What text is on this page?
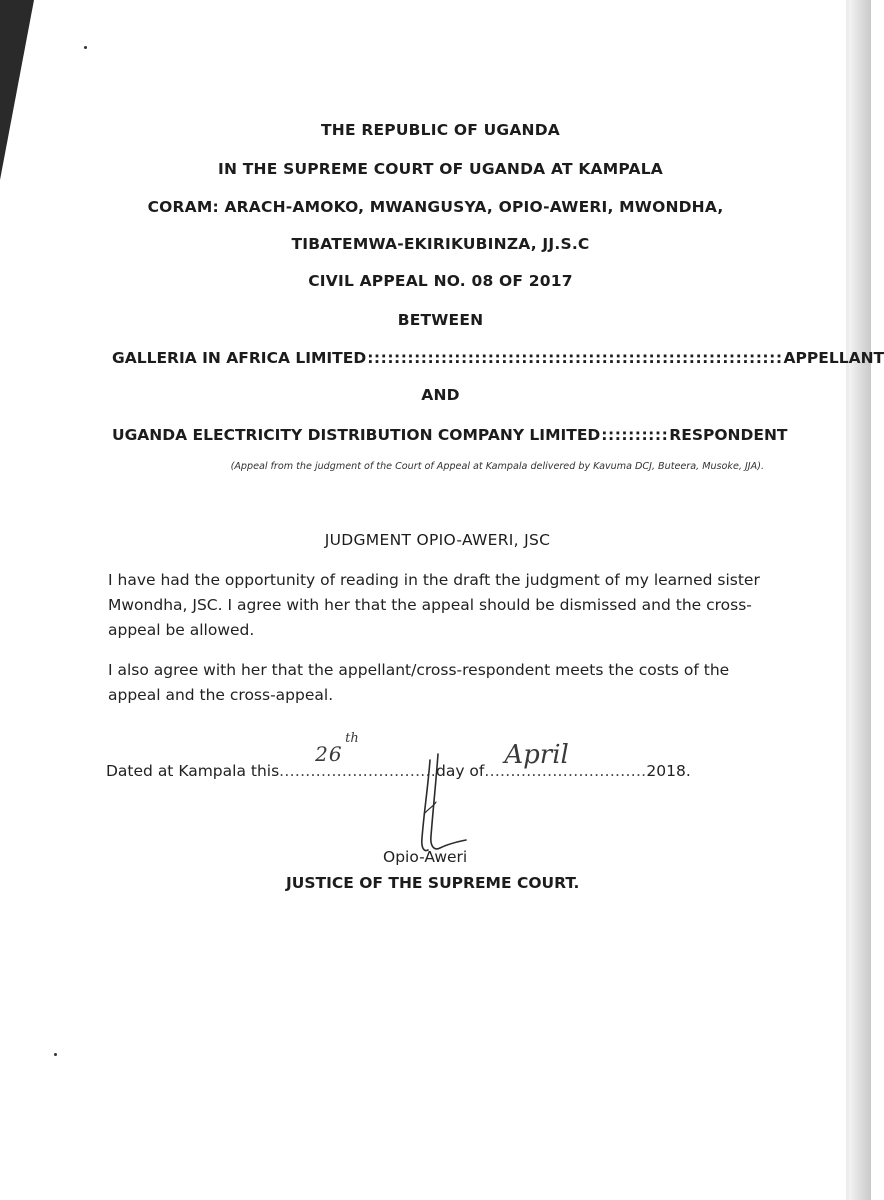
THE REPUBLIC OF UGANDA
IN THE SUPREME COURT OF UGANDA AT KAMPALA
CORAM: ARACH-AMOKO, MWANGUSYA, OPIO-AWERI, MWONDHA,
TIBATEMWA-EKIRIKUBINZA, JJ.S.C
CIVIL APPEAL NO. 08 OF 2017
BETWEEN
GALLERIA IN AFRICA LIMITED :::::::::::::::::::::::::::::::::::::::::::::::::::::::::::::: APPELLANT
AND
UGANDA ELECTRICITY DISTRIBUTION COMPANY LIMITED :::::::::: RESPONDENT
(Appeal from the judgment of the Court of Appeal at Kampala delivered by Kavuma DCJ, Buteera, Musoke, JJA).
JUDGMENT OPIO-AWERI, JSC
I have had the opportunity of reading in the draft the judgment of my learned sister Mwondha, JSC. I agree with her that the appeal should be dismissed and the cross-appeal be allowed.
I also agree with her that the appellant/cross-respondent meets the costs of the appeal and the cross-appeal.
Dated at Kampala this ..............................
26
th
day of ...............................
April
2018.
Opio-Aweri
JUSTICE OF THE SUPREME COURT.
